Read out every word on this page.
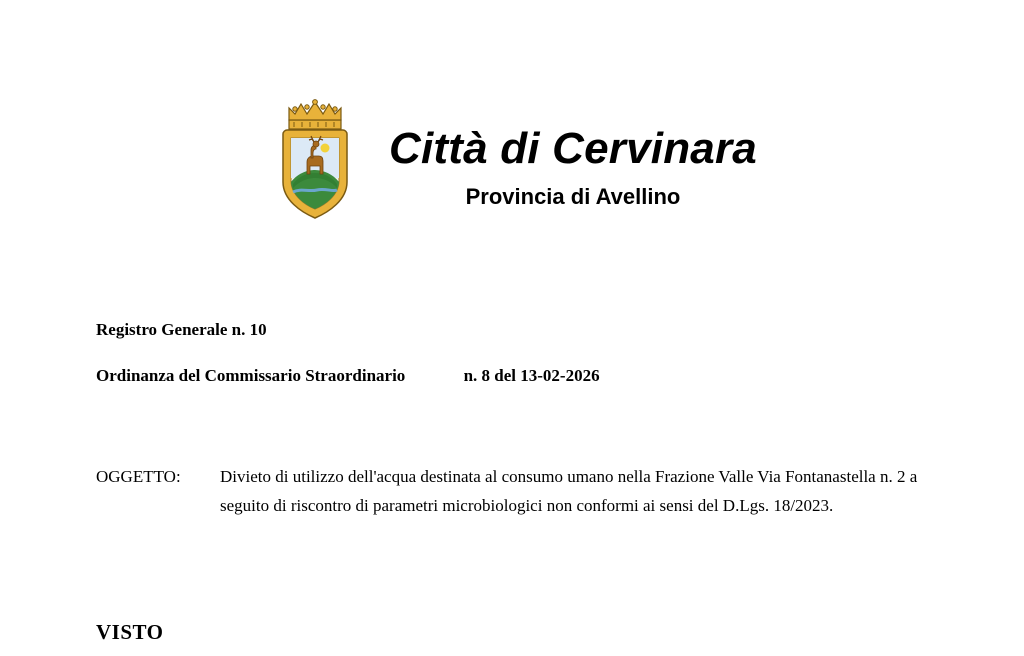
Città di Cervinara
Provincia di Avellino
Registro Generale n. 10
Ordinanza del Commissario Straordinario	n. 8 del 13-02-2026
OGGETTO:	Divieto di utilizzo dell'acqua destinata al consumo umano nella Frazione Valle Via Fontanastella n. 2 a seguito di riscontro di parametri microbiologici non conformi ai sensi del D.Lgs. 18/2023.
VISTO
